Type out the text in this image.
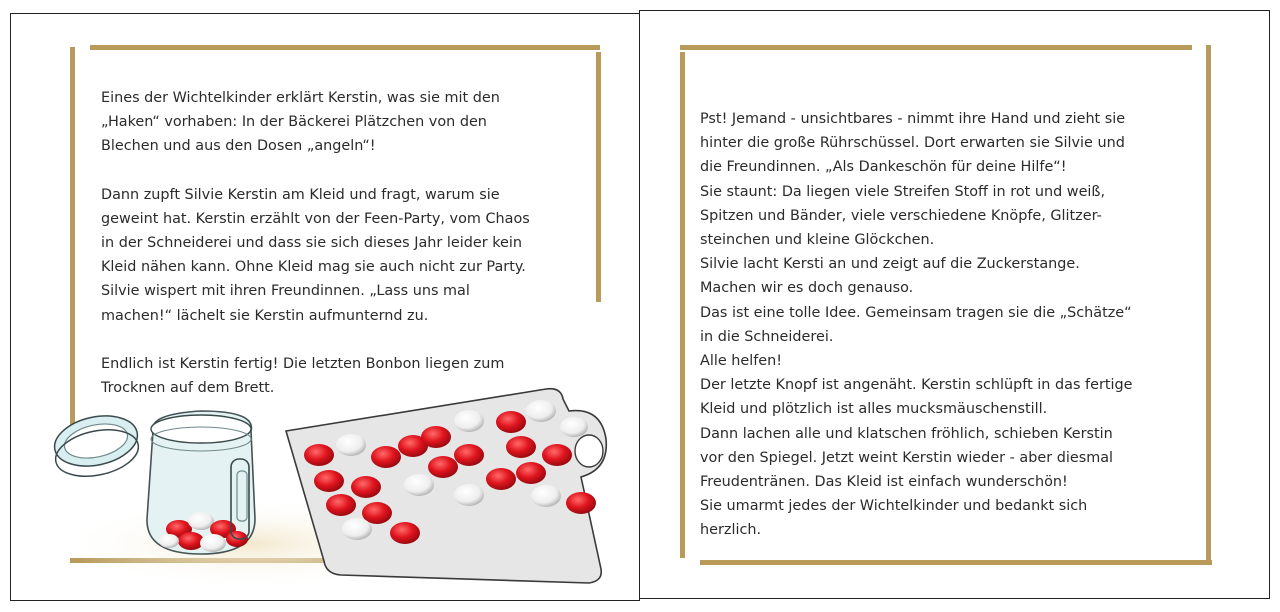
Eines der Wichtelkinder erklärt Kerstin, was sie mit den
„Haken“ vorhaben: In der Bäckerei Plätzchen von den
Blechen und aus den Dosen „angeln“!

Dann zupft Silvie Kerstin am Kleid und fragt, warum sie
geweint hat. Kerstin erzählt von der Feen-Party, vom Chaos
in der Schneiderei und dass sie sich dieses Jahr leider kein
Kleid nähen kann. Ohne Kleid mag sie auch nicht zur Party.
Silvie wispert mit ihren Freundinnen. „Lass uns mal
machen!“ lächelt sie Kerstin aufmunternd zu.

Endlich ist Kerstin fertig! Die letzten Bonbon liegen zum
Trocknen auf dem Brett.

Pst! Jemand - unsichtbares - nimmt ihre Hand und zieht sie
hinter die große Rührschüssel. Dort erwarten sie Silvie und
die Freundinnen. „Als Dankeschön für deine Hilfe“!
Sie staunt: Da liegen viele Streifen Stoff in rot und weiß,
Spitzen und Bänder, viele verschiedene Knöpfe, Glitzer-
steinchen und kleine Glöckchen.
Silvie lacht Kersti an und zeigt auf die Zuckerstange.
Machen wir es doch genauso.
Das ist eine tolle Idee. Gemeinsam tragen sie die „Schätze“
in die Schneiderei.
Alle helfen!
Der letzte Knopf ist angenäht. Kerstin schlüpft in das fertige
Kleid und plötzlich ist alles mucksmäuschenstill.
Dann lachen alle und klatschen fröhlich, schieben Kerstin
vor den Spiegel. Jetzt weint Kerstin wieder - aber diesmal
Freudentränen. Das Kleid ist einfach wunderschön!
Sie umarmt jedes der Wichtelkinder und bedankt sich
herzlich.
